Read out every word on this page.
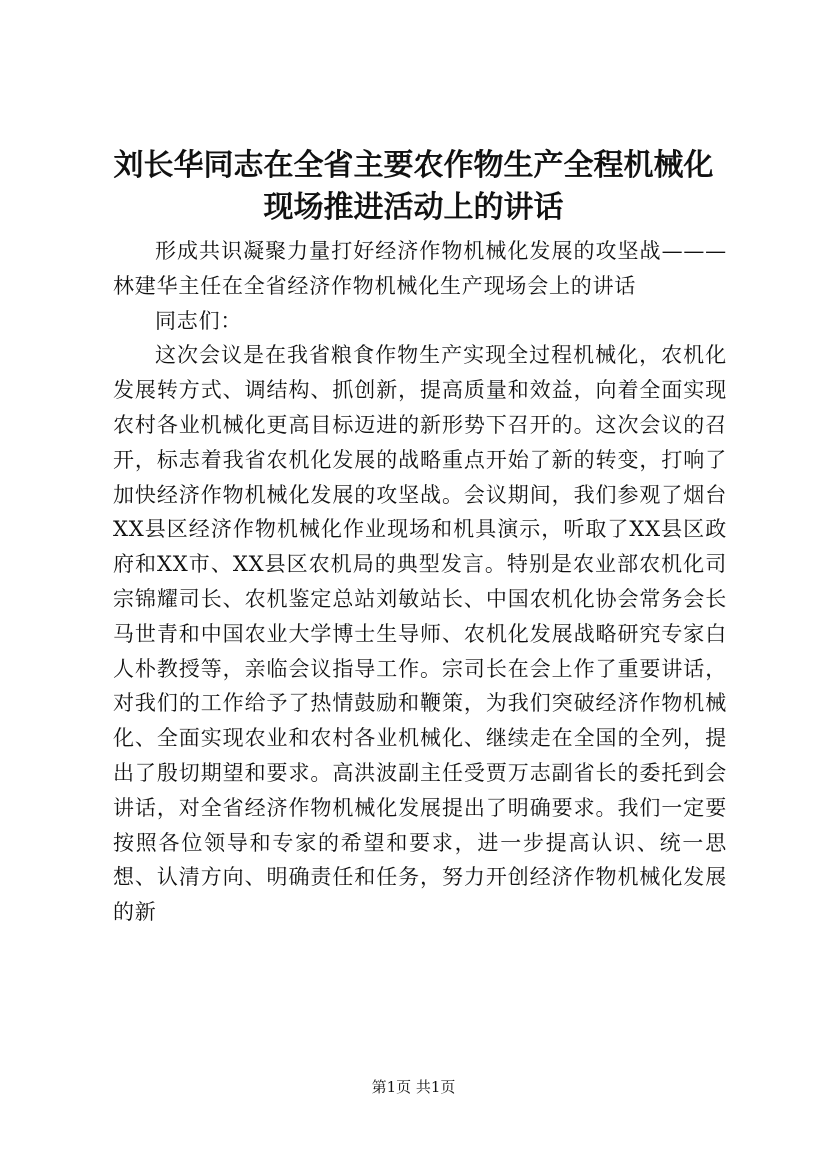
刘长华同志在全省主要农作物生产全程机械化
现场推进活动上的讲话

形成共识凝聚力量打好经济作物机械化发展的攻坚战———林建华主任在全省经济作物机械化生产现场会上的讲话

同志们：

这次会议是在我省粮食作物生产实现全过程机械化，农机化发展转方式、调结构、抓创新，提高质量和效益，向着全面实现农村各业机械化更高目标迈进的新形势下召开的。这次会议的召开，标志着我省农机化发展的战略重点开始了新的转变，打响了加快经济作物机械化发展的攻坚战。会议期间，我们参观了烟台XX县区经济作物机械化作业现场和机具演示，听取了XX县区政府和XX市、XX县区农机局的典型发言。特别是农业部农机化司宗锦耀司长、农机鉴定总站刘敏站长、中国农机化协会常务会长马世青和中国农业大学博士生导师、农机化发展战略研究专家白人朴教授等，亲临会议指导工作。宗司长在会上作了重要讲话，对我们的工作给予了热情鼓励和鞭策，为我们突破经济作物机械化、全面实现农业和农村各业机械化、继续走在全国的全列，提出了殷切期望和要求。高洪波副主任受贾万志副省长的委托到会讲话，对全省经济作物机械化发展提出了明确要求。我们一定要按照各位领导和专家的希望和要求，进一步提高认识、统一思想、认清方向、明确责任和任务，努力开创经济作物机械化发展的新

第1页 共1页
